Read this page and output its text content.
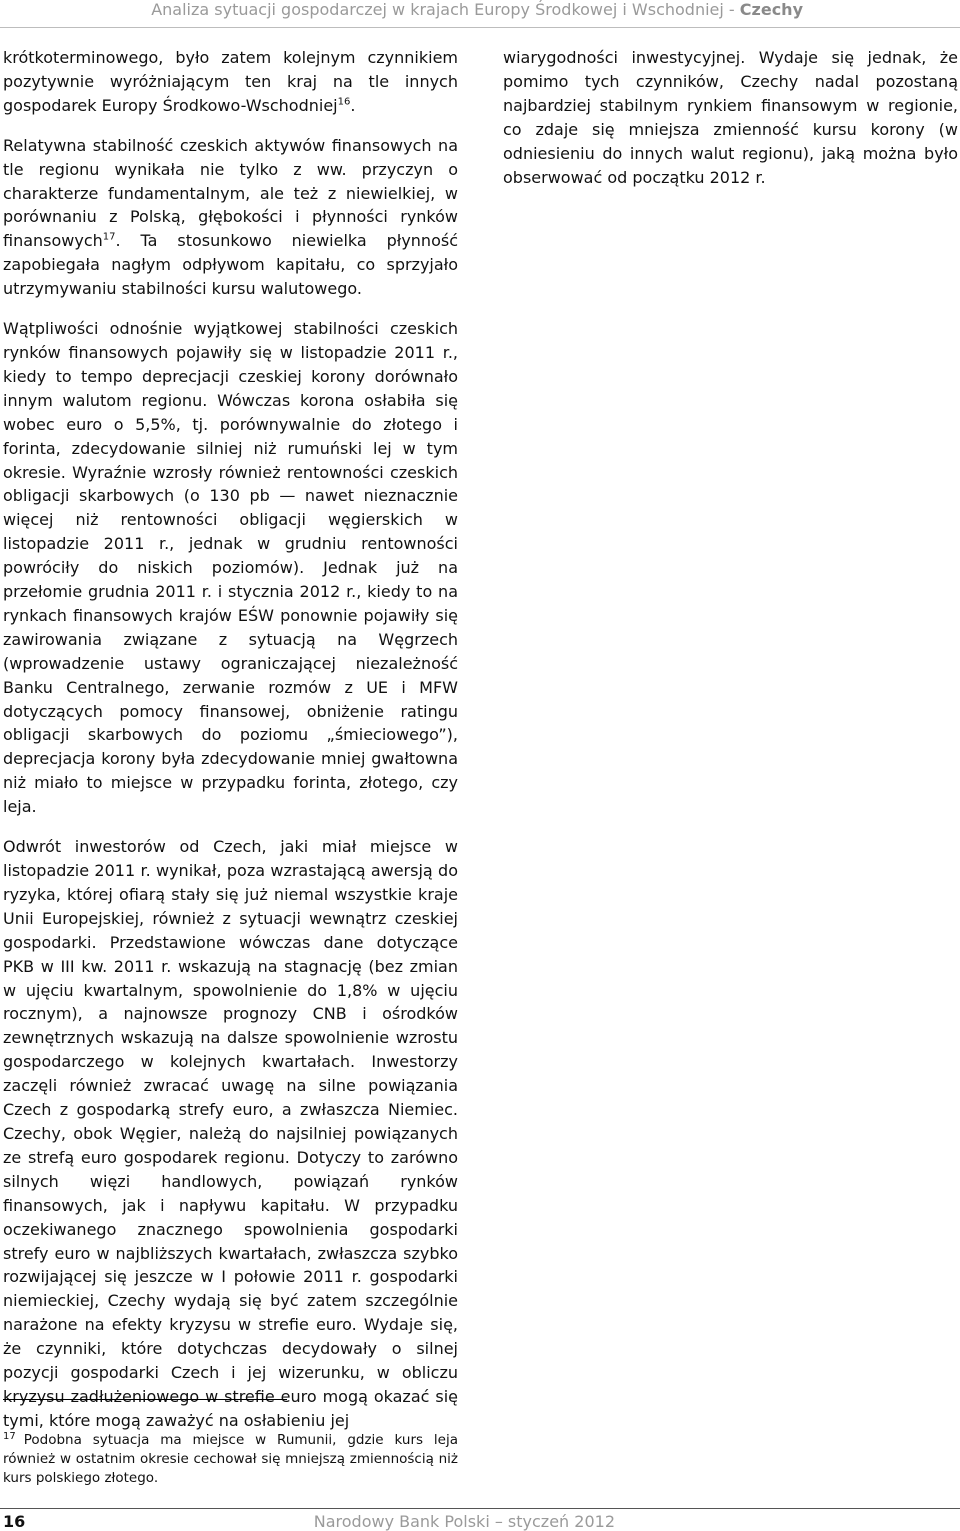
Analiza sytuacji gospodarczej w krajach Europy Środkowej i Wschodniej - Czechy

krótkoterminowego, było zatem kolejnym czynnikiem pozytywnie wyróżniającym ten kraj na tle innych gospodarek Europy Środkowo-Wschodniej$^{16}$.

Relatywna stabilność czeskich aktywów finansowych na tle regionu wynikała nie tylko z ww. przyczyn o charakterze fundamentalnym, ale też z niewielkiej, w porównaniu z Polską, głębokości i płynności rynków finansowych$^{17}$. Ta stosunkowo niewielka płynność zapobiegała nagłym odpływom kapitału, co sprzyjało utrzymywaniu stabilności kursu walutowego.

Wątpliwości odnośnie wyjątkowej stabilności czeskich rynków finansowych pojawiły się w listopadzie 2011 r., kiedy to tempo deprecjacji czeskiej korony dorównało innym walutom regionu. Wówczas korona osłabiła się wobec euro o 5,5%, tj. porównywalnie do złotego i forinta, zdecydowanie silniej niż rumuński lej w tym okresie. Wyraźnie wzrosły również rentowności czeskich obligacji skarbowych (o 130 pb — nawet nieznacznie więcej niż rentowności obligacji węgierskich w listopadzie 2011 r., jednak w grudniu rentowności powróciły do niskich poziomów). Jednak już na przełomie grudnia 2011 r. i stycznia 2012 r., kiedy to na rynkach finansowych krajów EŚW ponownie pojawiły się zawirowania związane z sytuacją na Węgrzech (wprowadzenie ustawy ograniczającej niezależność Banku Centralnego, zerwanie rozmów z UE i MFW dotyczących pomocy finansowej, obniżenie ratingu obligacji skarbowych do poziomu „śmieciowego”), deprecjacja korony była zdecydowanie mniej gwałtowna niż miało to miejsce w przypadku forinta, złotego, czy leja.

Odwrót inwestorów od Czech, jaki miał miejsce w listopadzie 2011 r. wynikał, poza wzrastającą awersją do ryzyka, której ofiarą stały się już niemal wszystkie kraje Unii Europejskiej, również z sytuacji wewnątrz czeskiej gospodarki. Przedstawione wówczas dane dotyczące PKB w III kw. 2011 r. wskazują na stagnację (bez zmian w ujęciu kwartalnym, spowolnienie do 1,8% w ujęciu rocznym), a najnowsze prognozy CNB i ośrodków zewnętrznych wskazują na dalsze spowolnienie wzrostu gospodarczego w kolejnych kwartałach. Inwestorzy zaczęli również zwracać uwagę na silne powiązania Czech z gospodarką strefy euro, a zwłaszcza Niemiec. Czechy, obok Węgier, należą do najsilniej powiązanych ze strefą euro gospodarek regionu. Dotyczy to zarówno silnych więzi handlowych, powiązań rynków finansowych, jak i napływu kapitału. W przypadku oczekiwanego znacznego spowolnienia gospodarki strefy euro w najbliższych kwartałach, zwłaszcza szybko rozwijającej się jeszcze w I połowie 2011 r. gospodarki niemieckiej, Czechy wydają się być zatem szczególnie narażone na efekty kryzysu w strefie euro. Wydaje się, że czynniki, które dotychczas decydowały o silnej pozycji gospodarki Czech i jej wizerunku, w obliczu kryzysu zadłużeniowego w strefie euro mogą okazać się tymi, które mogą zaważyć na osłabieniu jej

wiarygodności inwestycyjnej. Wydaje się jednak, że pomimo tych czynników, Czechy nadal pozostaną najbardziej stabilnym rynkiem finansowym w regionie, co zdaje się mniejsza zmienność kursu korony (w odniesieniu do innych walut regionu), jaką można było obserwować od początku 2012 r.

$^{17}$ Podobna sytuacja ma miejsce w Rumunii, gdzie kurs leja również w ostatnim okresie cechował się mniejszą zmiennością niż kurs polskiego złotego.
16	Narodowy Bank Polski – styczeń 2012
